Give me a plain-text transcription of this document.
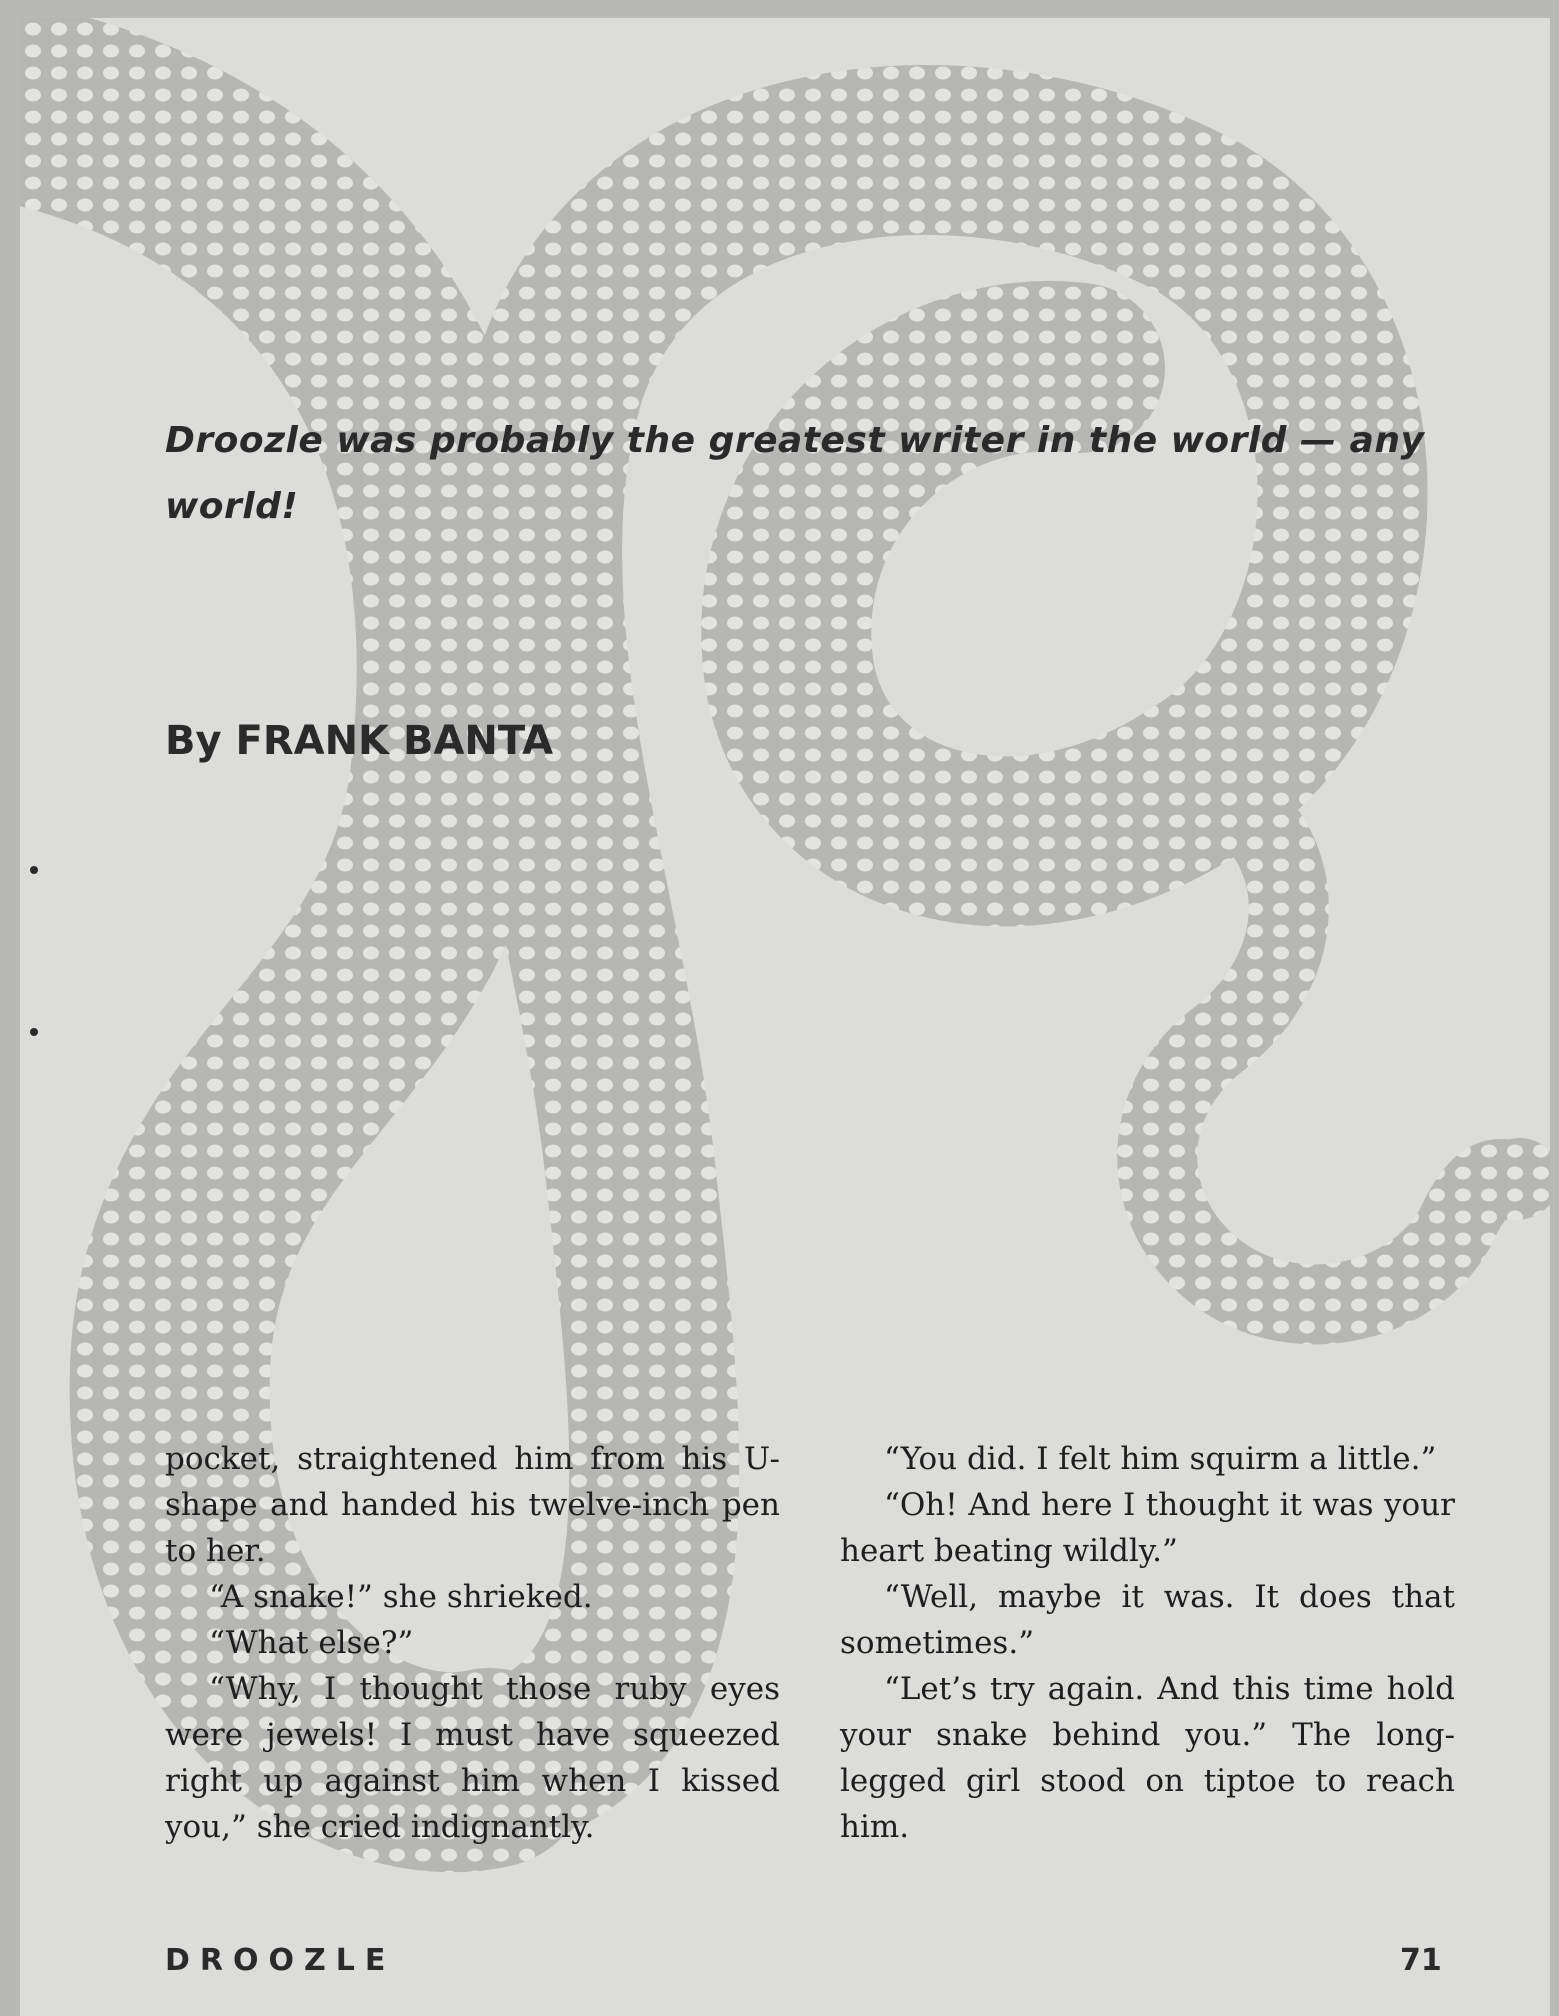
Droozle was probably the greatest writer in the world — any world!
By FRANK BANTA

pocket, straightened him from his U-shape and handed his twelve-inch pen to her.

“A snake!” she shrieked.

“What else?”

“Why, I thought those ruby eyes were jewels! I must have squeezed right up against him when I kissed you,” she cried indignantly.

“You did. I felt him squirm a little.”

“Oh! And here I thought it was your heart beating wildly.”

“Well, maybe it was. It does that sometimes.”

“Let’s try again. And this time hold your snake behind you.” The long-legged girl stood on tiptoe to reach him.

DROOZLE	71
